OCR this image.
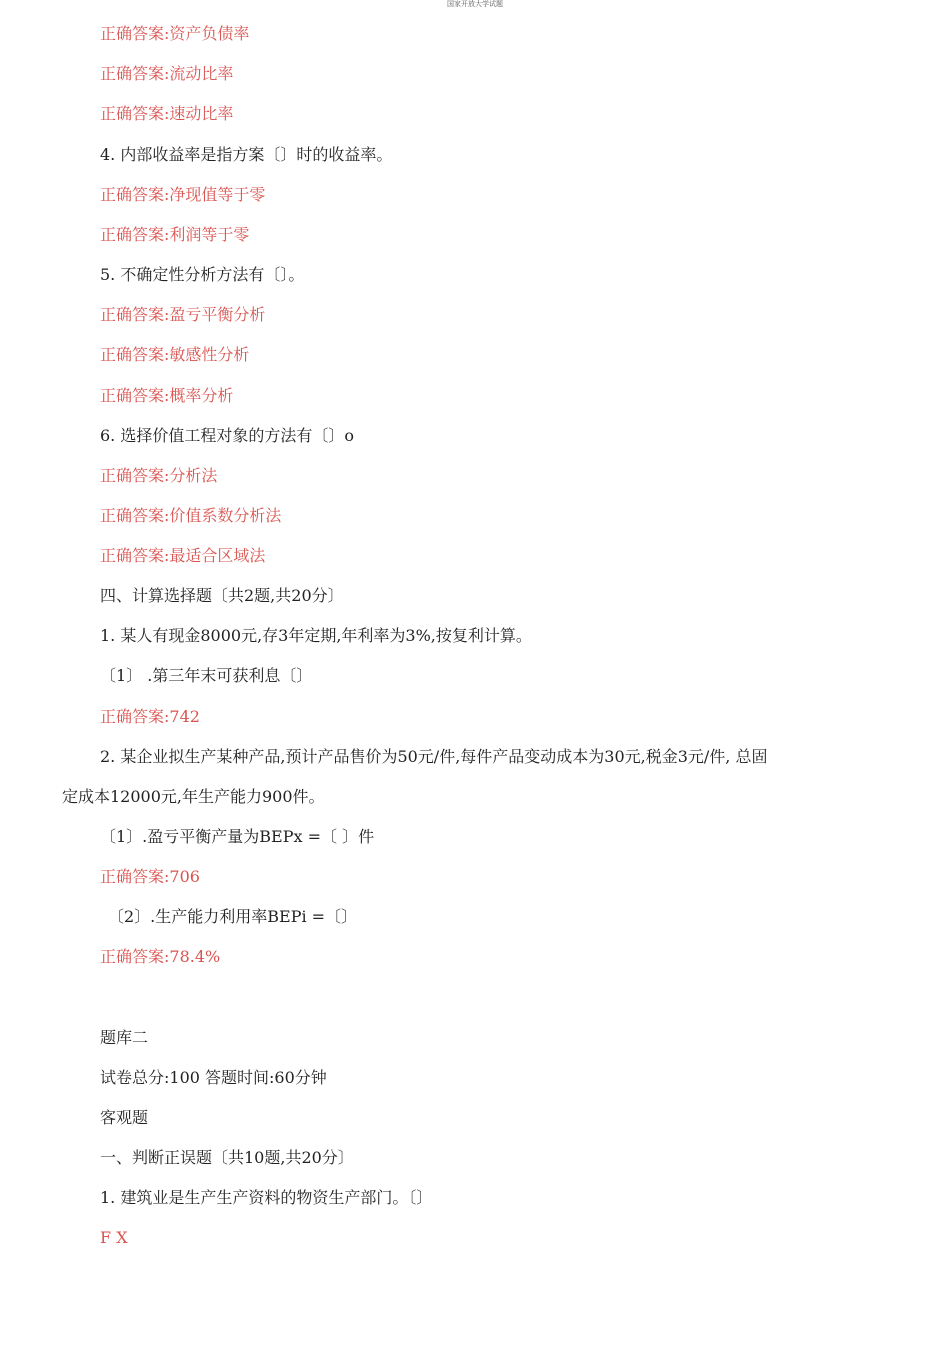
国家开放大学试题
正确答案:资产负债率
正确答案:流动比率
正确答案:速动比率
4. 内部收益率是指方案〔〕时的收益率。
正确答案:净现值等于零
正确答案:利润等于零
5. 不确定性分析方法有〔〕。
正确答案:盈亏平衡分析
正确答案:敏感性分析
正确答案:概率分析
6. 选择价值工程对象的方法有〔〕o
正确答案:分析法
正确答案:价值系数分析法
正确答案:最适合区域法
四、计算选择题〔共2题,共20分〕
1. 某人有现金8000元,存3年定期,年利率为3%,按复利计算。
〔1〕 .第三年末可获利息〔〕
正确答案:742
2. 某企业拟生产某种产品,预计产品售价为50元/件,每件产品变动成本为30元,税金3元/件, 总固
定成本12000元,年生产能力900件。
〔1〕.盈亏平衡产量为BEPx =〔 〕件
正确答案:706
〔2〕.生产能力利用率BEPi =〔〕
正确答案:78.4%
题库二
试卷总分:100 答题时间:60分钟
客观题
一、判断正误题〔共10题,共20分〕
1. 建筑业是生产生产资料的物资生产部门。〔〕
F X
